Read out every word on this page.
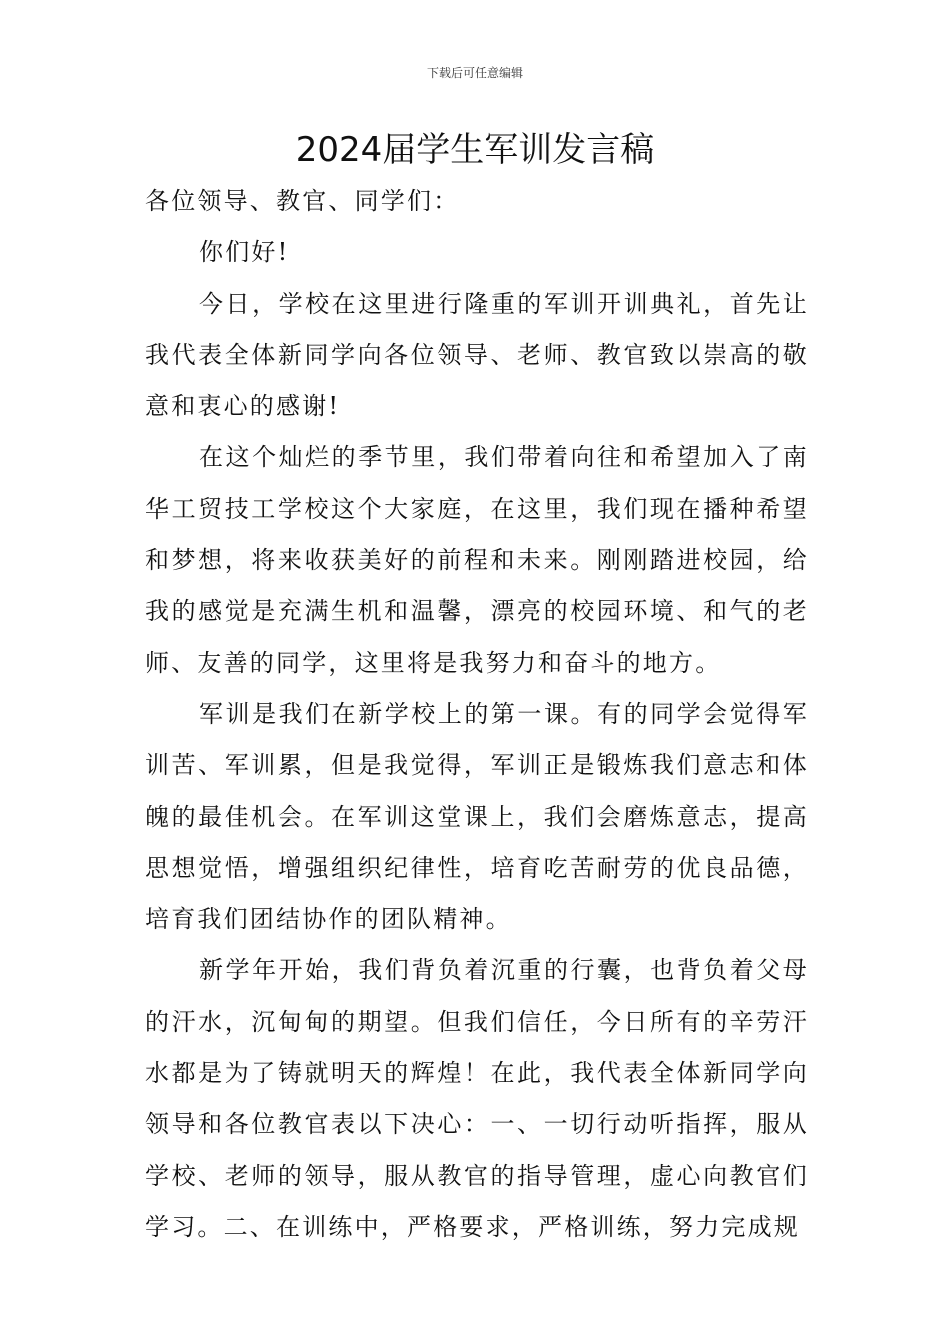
下载后可任意编辑
2024届学生军训发言稿

各位领导、教官、同学们：

你们好!

今日，学校在这里进行隆重的军训开训典礼，首先让我代表全体新同学向各位领导、老师、教官致以崇高的敬意和衷心的感谢!

在这个灿烂的季节里，我们带着向往和希望加入了南华工贸技工学校这个大家庭，在这里，我们现在播种希望和梦想，将来收获美好的前程和未来。刚刚踏进校园，给我的感觉是充满生机和温馨，漂亮的校园环境、和气的老师、友善的同学，这里将是我努力和奋斗的地方。

军训是我们在新学校上的第一课。有的同学会觉得军训苦、军训累，但是我觉得，军训正是锻炼我们意志和体魄的最佳机会。在军训这堂课上，我们会磨炼意志，提高思想觉悟，增强组织纪律性，培育吃苦耐劳的优良品德，培育我们团结协作的团队精神。

新学年开始，我们背负着沉重的行囊，也背负着父母的汗水，沉甸甸的期望。但我们信任，今日所有的辛劳汗水都是为了铸就明天的辉煌！在此，我代表全体新同学向领导和各位教官表以下决心：一、一切行动听指挥，服从学校、老师的领导，服从教官的指导管理，虚心向教官们学习。二、在训练中，严格要求，严格训练，努力完成规
